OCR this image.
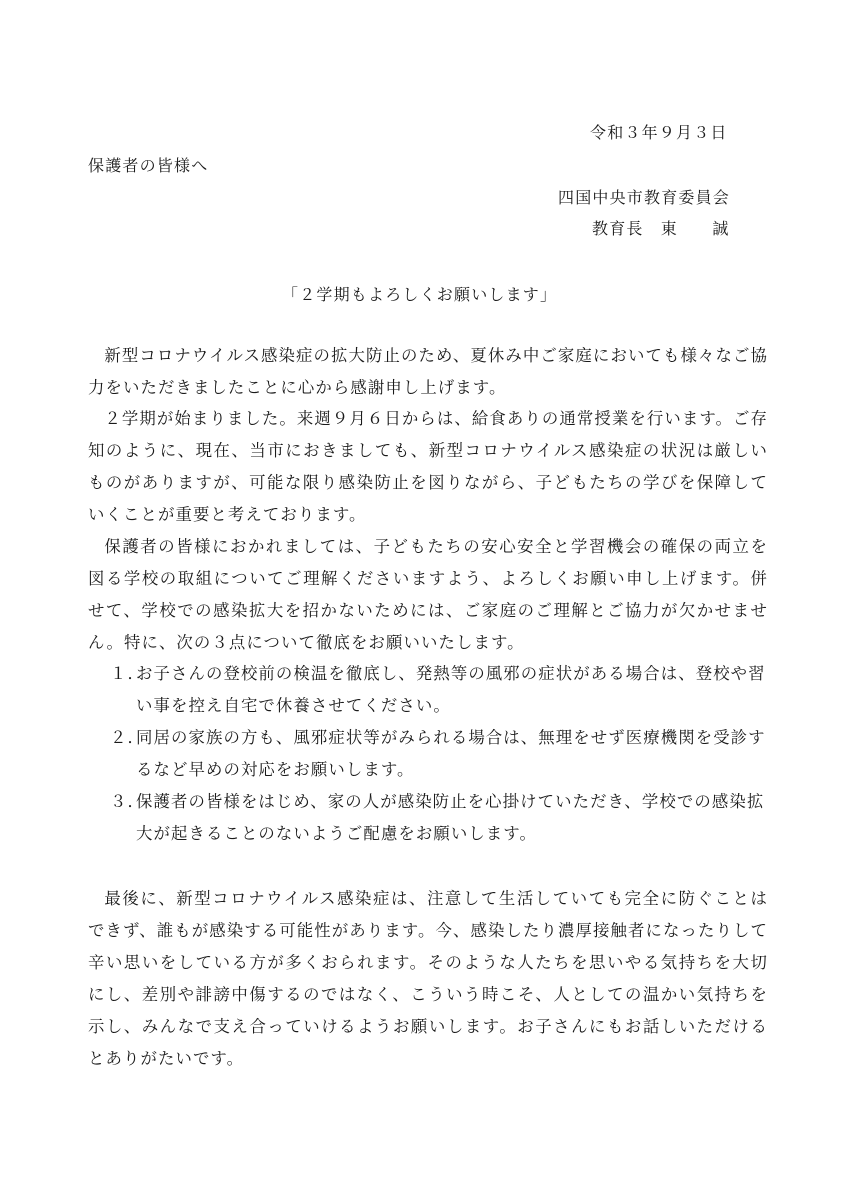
令和３年９月３日
保護者の皆様へ
四国中央市教育委員会
教育長　東　　誠
「２学期もよろしくお願いします」

新型コロナウイルス感染症の拡大防止のため、夏休み中ご家庭においても様々なご協力をいただきましたことに心から感謝申し上げます。

２学期が始まりました。来週９月６日からは、給食ありの通常授業を行います。ご存知のように、現在、当市におきましても、新型コロナウイルス感染症の状況は厳しいものがありますが、可能な限り感染防止を図りながら、子どもたちの学びを保障していくことが重要と考えております。

保護者の皆様におかれましては、子どもたちの安心安全と学習機会の確保の両立を図る学校の取組についてご理解くださいますよう、よろしくお願い申し上げます。併せて、学校での感染拡大を招かないためには、ご家庭のご理解とご協力が欠かせません。特に、次の３点について徹底をお願いいたします。

１．
お子さんの登校前の検温を徹底し、発熱等の風邪の症状がある場合は、登校や習い事を控え自宅で休養させてください。
２．
同居の家族の方も、風邪症状等がみられる場合は、無理をせず医療機関を受診するなど早めの対応をお願いします。
３．
保護者の皆様をはじめ、家の人が感染防止を心掛けていただき、学校での感染拡大が起きることのないようご配慮をお願いします。

最後に、新型コロナウイルス感染症は、注意して生活していても完全に防ぐことはできず、誰もが感染する可能性があります。今、感染したり濃厚接触者になったりして辛い思いをしている方が多くおられます。そのような人たちを思いやる気持ちを大切にし、差別や誹謗中傷するのではなく、こういう時こそ、人としての温かい気持ちを示し、みんなで支え合っていけるようお願いします。お子さんにもお話しいただけるとありがたいです。
